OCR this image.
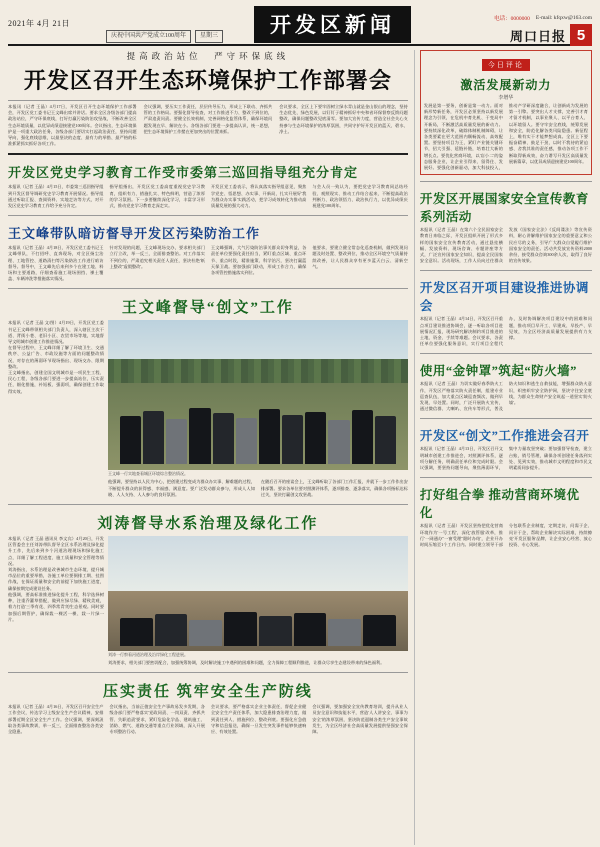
2021年 4月 21日
庆祝中国共产党成立100周年	星期三	开发区新闻	电话：0000000 E-mail: kfqxw@163.com
周口日报 5
提高政治站位　严守环保底线
开发区召开生态环境保护工作部署会
本报讯（记者 王晶）4月17日，开发区召开生态环境保护工作部署会，开发区党工委书记王文峰出席并讲话。要求全区各级各部门提高政治站位，严守环保底线，打好打赢污染防治攻坚战，不断改善全区生态环境质量，以优异成绩迎接建党100周年。会议指出，生态环境保护是一项重大政治任务，各级各部门要切实扛起政治责任，坚持问题导向，强化底线思维，以最坚决的态度、最有力的举措、最严格的标准抓紧抓实抓好各项工作。
会议强调，要压实工作责任，层层传导压力，形成上下联动、齐抓共管的工作格局。要强化督导检查，对工作推进不力、整改不到位的，严肃追责问责。要健全长效机制，完善网格化监管体系，确保环境问题发现在早、解决在小。各级各部门要进一步提高认识，统一思想，把生态环境保护工作摆在更加突出的位置来抓。
会议要求，全区上下要牢固树立绿水青山就是金山银山的理念，坚持生态优先、绿色发展，以钉钉子精神抓好中央和省环保督察反馈问题整改，确保问题整改见底清零。要加大宣传力度，营造全社会关心支持参与生态环境保护的浓厚氛围，共同守护好开发区的蓝天、碧水、净土。
开发区党史学习教育工作受市委第三巡回指导组充分肯定
本报讯（记者 王晶）4月15日，市委第三巡回指导组到开发区督导调研党史学习教育开展情况。指导组通过听取汇报、查阅资料、实地走访等方式，对开发区党史学习教育工作给予充分肯定。
指导组指出，开发区党工委高度重视党史学习教育，组织有力、措施扎实、特色鲜明，营造了浓厚的学习氛围。下一步要继续深化学习，丰富学习形式，推动党史学习教育走深走实。
开发区党工委表示，将认真落实指导组意见，聚焦学党史、悟思想、办实事、开新局，扎实开展好'我为群众办实事'实践活动，把学习成效转化为推动高质量发展的强大动力。
与会人员一致认为，要把党史学习教育同总结经验、观照现实、推动工作结合起来，不断提高政治判断力、政治领悟力、政治执行力，以优异成绩庆祝建党100周年。
王文峰带队暗访督导开发区污染防治工作
本报讯（记者 王晶）4月18日，开发区党工委书记王文峰带队，不打招呼、直奔现场，对全区扬尘治理、工地管控、道路清扫等污染防治工作进行暗访督导。督导中，王文峰先后来到多个在建工地、料场和主要道路，仔细查看施工现场围挡、裸土覆盖、车辆冲洗等措施落实情况。
针对发现的问题，王文峰现场交办，要求相关部门立行立改，举一反三，全面排查整治。对工作落实不到位的，严肃追究相关责任人责任，坚决杜绝'纸上整改''虚假整改'。
王文峰强调，大气污染防治事关群众切身利益，各责任单位要强化责任担当，紧盯重点区域、重点环节、重点时段，精准施策、科学治污，坚决打赢蓝天保卫战。要加强部门联动，形成工作合力，确保各项管控措施落实到位。
他要求，要建立健全常态化巡查机制，做到发现问题及时处置、整改到位，推动全区环境空气质量持续改善，让人民群众享有更多蓝天白云、清新空气。
王文峰督导“创文”工作
本报讯（记者 王晶 文/图）4月19日，开发区党工委书记王文峰带领相关部门负责人，深入辖区主次干道、背街小巷、老旧小区、农贸市场等地，实地督导文明城市创建工作推进情况。
在督导过程中，王文峰详细了解了环境卫生、交通秩序、公益广告、市政设施等方面的问题整改情况，对存在的薄弱环节现场指出、现场交办、限期整改。
王文峰指出，创建全国文明城市是一项民生工程、民心工程，各级各部门要进一步提高站位，压实责任，细化措施，补短板、强弱项，确保创建工作取得实效。
王文峰一行实地查看城区环境综合整治情况。
他强调，要坚持以人民为中心，把创建过程变成为群众办实事、解难题的过程，不断提升群众的获得感、幸福感、满意度。要广泛发动群众参与，形成人人知晓、人人支持、人人参与的良好氛围。
在随后召开的座谈会上，王文峰听取了各部门工作汇报，并就下一步工作作出安排部署。要求各单位要对照测评体系，逐项排查、逐条落实，确保各项指标达标过关，坚决打赢创文攻坚战。
刘涛督导水系治理及绿化工作
本报讯（记者 王晶 通讯员 李文宾）4月20日，开发区管委会主任刘涛带队督导全区水系治理及绿化提升工作，先后来到多个河道治理现场和绿化施工点，详细了解工程进度、施工质量和安全管理等情况。
刘涛指出，水系治理是改善城市生态环境、提升城市品位的重要举措，各施工单位要倒排工期、挂图作战，在保证质量和安全的前提下加快施工进度，确保按期完成建设任务。
他强调，要高标准推进绿化提升工程，科学选择树种，注重乔灌草搭配，做到应绿尽绿、精致美观，着力打造'三季有花、四季常青'的生态景观。同时要加强后期管护，确保栽一棵活一棵、栽一片绿一片。
刘涛一行察看河道治理及沿岸绿化工程进展。
刘涛要求，相关部门要密切配合，加强统筹协调，及时解决施工中遇到的困难和问题，全力保障工程顺利推进，让群众尽享生态建设带来的绿色福利。
压实责任 筑牢安全生产防线
本报讯（记者 王晶）4月16日，开发区召开安全生产工作会议，传达学习上级安全生产会议精神，安排部署近期全区安全生产工作。会议强调，要深刻汲取各类事故教训，举一反三，全面排查整治各类安全隐患。
会议指出，当前正值安全生产事故易发多发期，各级各部门要严格落实'党政同责、一岗双责、齐抓共管、失职追责'要求，紧盯危险化学品、建筑施工、消防、燃气、道路交通等重点行业领域，深入开展专项整治行动。
会议要求，要严格落实企业主体责任，督促企业健全安全生产责任体系，加大隐患排查治理力度，做到责任到人、措施到位、整改到底。要强化应急值守和信息报送，确保一旦发生突发事件能够快速响应、有效处置。
会议强调，要加强安全宣传教育培训，提升从业人员安全意识和技能水平，营造'人人讲安全、事事为安全'的浓厚氛围，坚决防范遏制各类生产安全事故发生，为全区经济社会高质量发展提供坚强安全保障。
今日评论
激活发展新动力
李增华
发展是第一要务，创新是第一动力。面对新形势新任务，开发区必须坚持以新发展理念为引领，在危机中育先机、于变局中开新局，不断激活高质量发展的新动力。要持续深化改革，破除体制机制障碍，让各类要素在更大范围内顺畅流动、高效配置。要坚持项目为王，紧盯产业链关键环节，招大引强、延链补链，培育壮大新的增长点。要优化营商环境，以'店小二'的姿态服务企业，让企业引得来、留得住、发展好。要强化创新驱动，加大科技投入，推动产学研深度融合，让创新成为发展的第一引擎。要突出人才支撑，完善引才育才留才机制，以事业聚人、以平台育人、以环境留人。要守牢安全底线，统筹发展和安全，防范化解各类风险隐患。新征程上，唯有实干才能梦想成真。全区上下要振奋精神、鼓足干劲，以时不我待的紧迫感、舍我其谁的责任感，推动各项工作不断取得新成效，奋力谱写开发区高质量发展新篇章，以优异成绩迎接建党100周年。
开发区开展国家安全宣传教育系列活动
本报讯（记者 王晶）在第六个全民国家安全教育日来临之际，开发区组织开展了形式多样的国家安全宣传教育活动，通过悬挂横幅、发放资料、现场咨询、专题讲座等方式，广泛宣传国家安全知识，提高全民国家安全意识。活动现场，工作人员向过往群众发放《国家安全法》《反间谍法》等宣传资料，耐心讲解维护国家安全的重要意义和公民应尽的义务，引导广大群众自觉履行维护国家安全的责任。活动共发放宣传资料2000余份，接受群众咨询300余人次，取得了良好的宣传效果。
开发区召开项目建设推进协调会
本报讯（记者 王晶）4月14日，开发区召开重点项目建设推进协调会，逐一听取各项目进展情况汇报，现场研究解决制约项目推进的土地、资金、手续等难题。会议要求，各责任单位要强化服务意识，实行项目全程代办，及时协调解决项目建设中的困难和问题，推动项目早开工、早建成、早投产、早见效，为全区经济高质量发展提供有力支撑。
使用“金钟罩”筑起“防火墙”
本报讯（记者 王晶）为切实做好春季防火工作，开发区严格落实防火责任制，组建专业巡查队伍，加大重点区域巡查频次，做到早发现、早处置。同时，广泛开展防火宣传，通过微信群、大喇叭、宣传车等形式，普及防火知识和逃生自救技能，增强群众防火意识，织密织牢安全防护网，坚决守住安全底线，为群众生命财产安全筑起一道坚实'防火墙'。
开发区“创文”工作推进会召开
本报讯（记者 王晶）4月13日，开发区召开文明城市创建工作推进会，对照测评体系，逐项分解任务，明确责任单位和完成时限。会议强调，要坚持问题导向，聚焦薄弱环节，集中力量攻坚突破；要加强督导检查，建立台账，销号管理，确保各项创建任务落到实处、见到实效，推动城市文明程度和市民文明素质同步提升。
打好组合拳 推动营商环境优化
本报讯（记者 王晶）开发区坚持把优化营商环境作为'一号工程'，深化'放管服'改革，推行'一网通办''一窗受理''限时办结'，企业开办时间压缩至1个工作日内。同时建立领导干部分包联系企业制度，定期走访，问需于企、问计于企，帮助企业解决实际困难，持续擦亮'开发区服务'品牌，让企业安心经营、放心投资、专心发展。
